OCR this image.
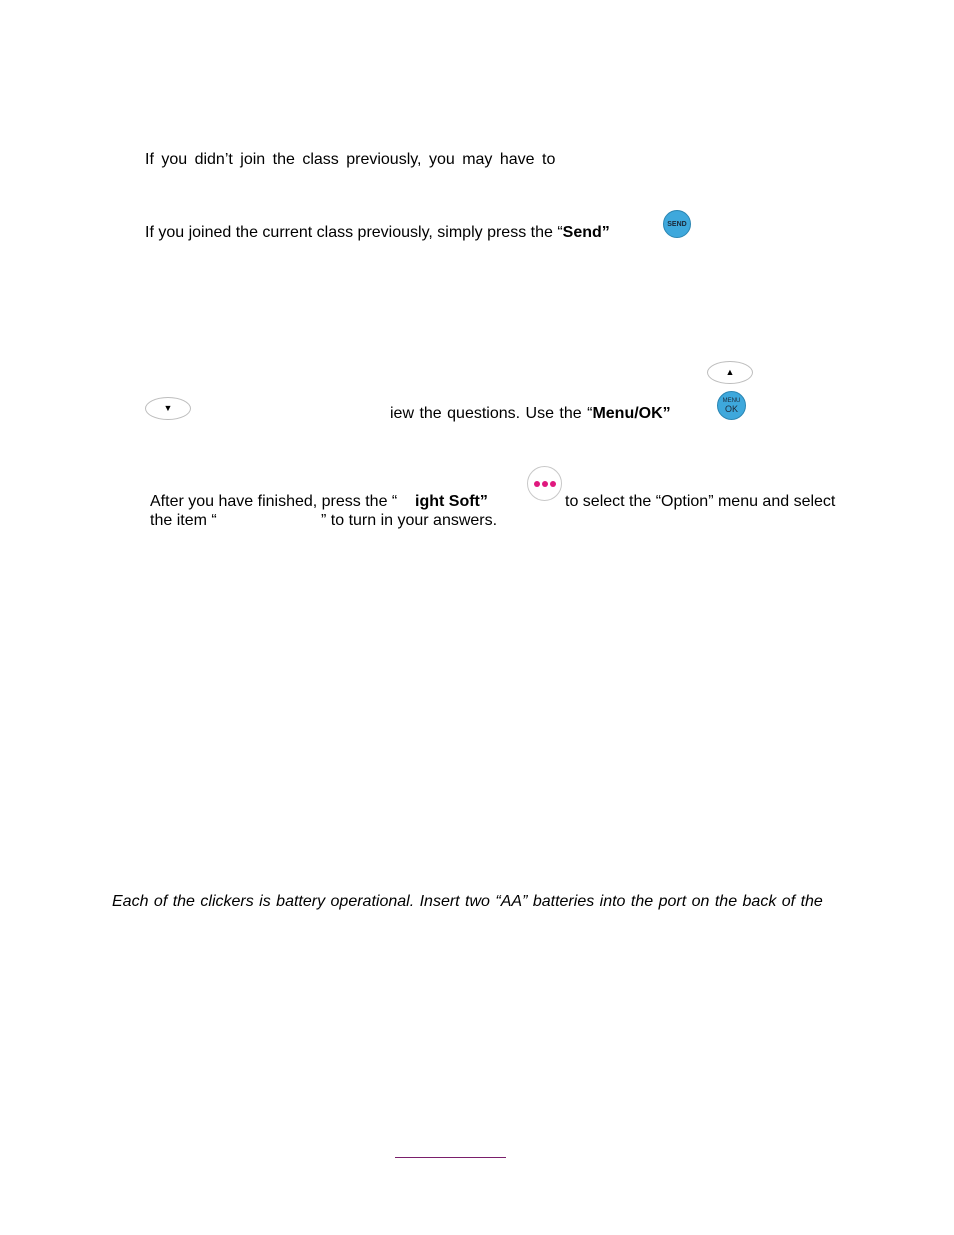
If you didn’t join the class previously, you may have to
If you joined the current class previously, simply press the “Send”	SEND
▲
▼	iew the questions. Use the “Menu/OK”
MENU
OK
After you have finished, press the “ ight Soft”	to select the “Option” menu and select
the item “	” to turn in your answers.
Each of the clickers is battery operational. Insert two “AA” batteries into the port on the back of the
